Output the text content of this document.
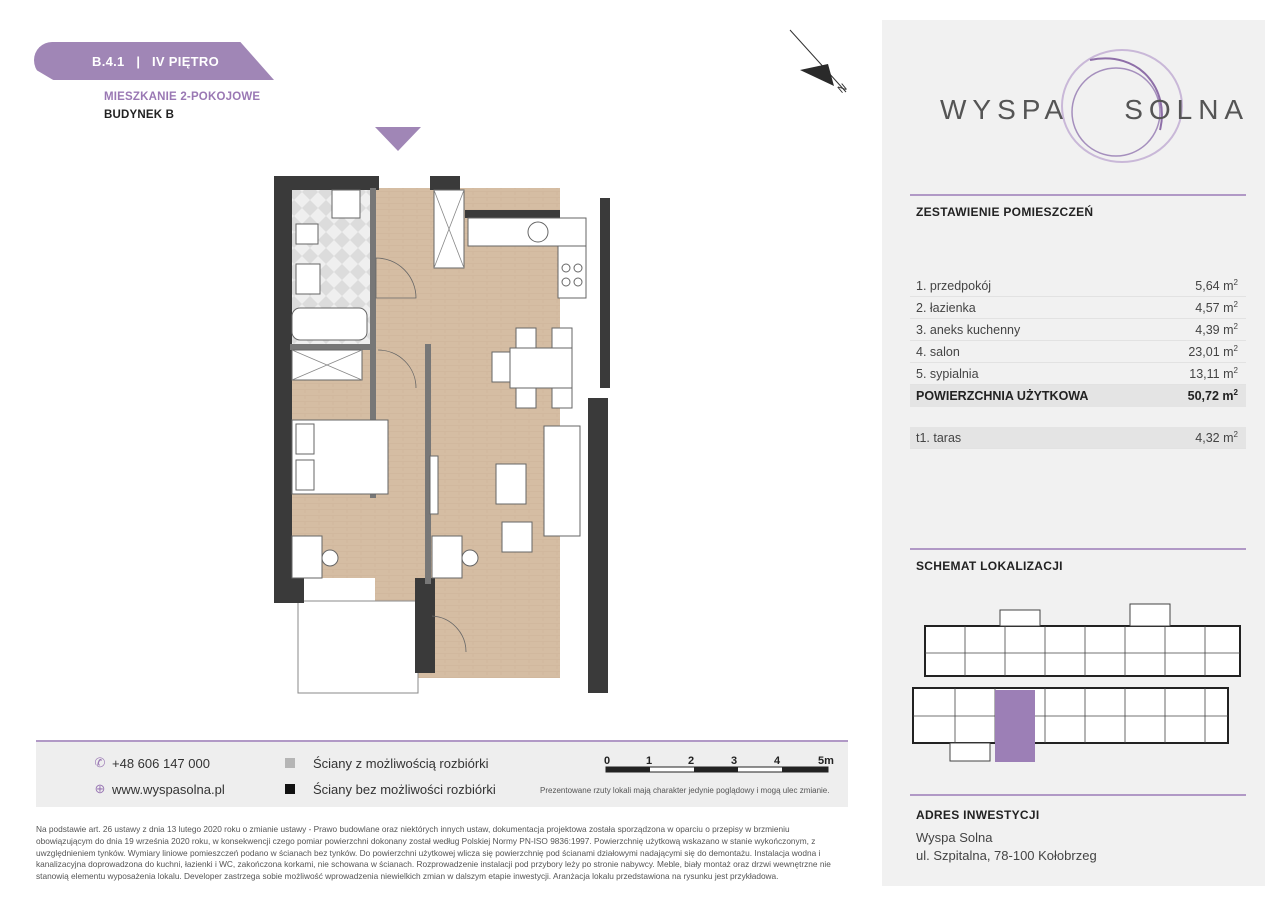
B.4.1 | IV PIĘTRO
MIESZKANIE 2-POKOJOWE
BUDYNEK B
N
WYSPA SOLNA
ZESTAWIENIE POMIESZCZEŃ
1. przedpokój	5,64 $m^2$
2. łazienka	4,57 $m^2$
3. aneks kuchenny	4,39 $m^2$
4. salon	23,01 $m^2$
5. sypialnia	13,11 $m^2$
POWIERZCHNIA UŻYTKOWA	50,72 $m^2$
t1. taras	4,32 $m^2$
SCHEMAT LOKALIZACJI
ADRES INWESTYCJI
Wyspa Solna
ul. Szpitalna, 78-100 Kołobrzeg
✆ +48 606 147 000
⊕ www.wyspasolna.pl
Ściany z możliwością rozbiórki
Ściany bez możliwości rozbiórki
0	1	2	3	4	5m
Prezentowane rzuty lokali mają charakter jedynie poglądowy i mogą ulec zmianie.
Na podstawie art. 26 ustawy z dnia 13 lutego 2020 roku o zmianie ustawy - Prawo budowlane oraz niektórych innych ustaw, dokumentacja projektowa została sporządzona w oparciu o przepisy w brzmieniu obowiązującym do dnia 19 września 2020 roku, w konsekwencji czego pomiar powierzchni dokonany został według Polskiej Normy PN-ISO 9836:1997. Powierzchnię użytkową wskazano w stanie wykończonym, z uwzględnieniem tynków. Wymiary liniowe pomieszczeń podano w ścianach bez tynków. Do powierzchni użytkowej wlicza się powierzchnię pod ścianami działowymi nadającymi się do demontażu. Instalacja wodna i kanalizacyjna doprowadzona do kuchni, łazienki i WC, zakończona korkami, nie schowana w ścianach. Rozprowadzenie instalacji pod przybory leży po stronie nabywcy. Meble, biały montaż oraz drzwi wewnętrzne nie stanowią elementu wyposażenia lokalu. Developer zastrzega sobie możliwość wprowadzenia niewielkich zmian w dalszym etapie inwestycji. Aranżacja lokalu przedstawiona na rysunku jest przykładowa.
